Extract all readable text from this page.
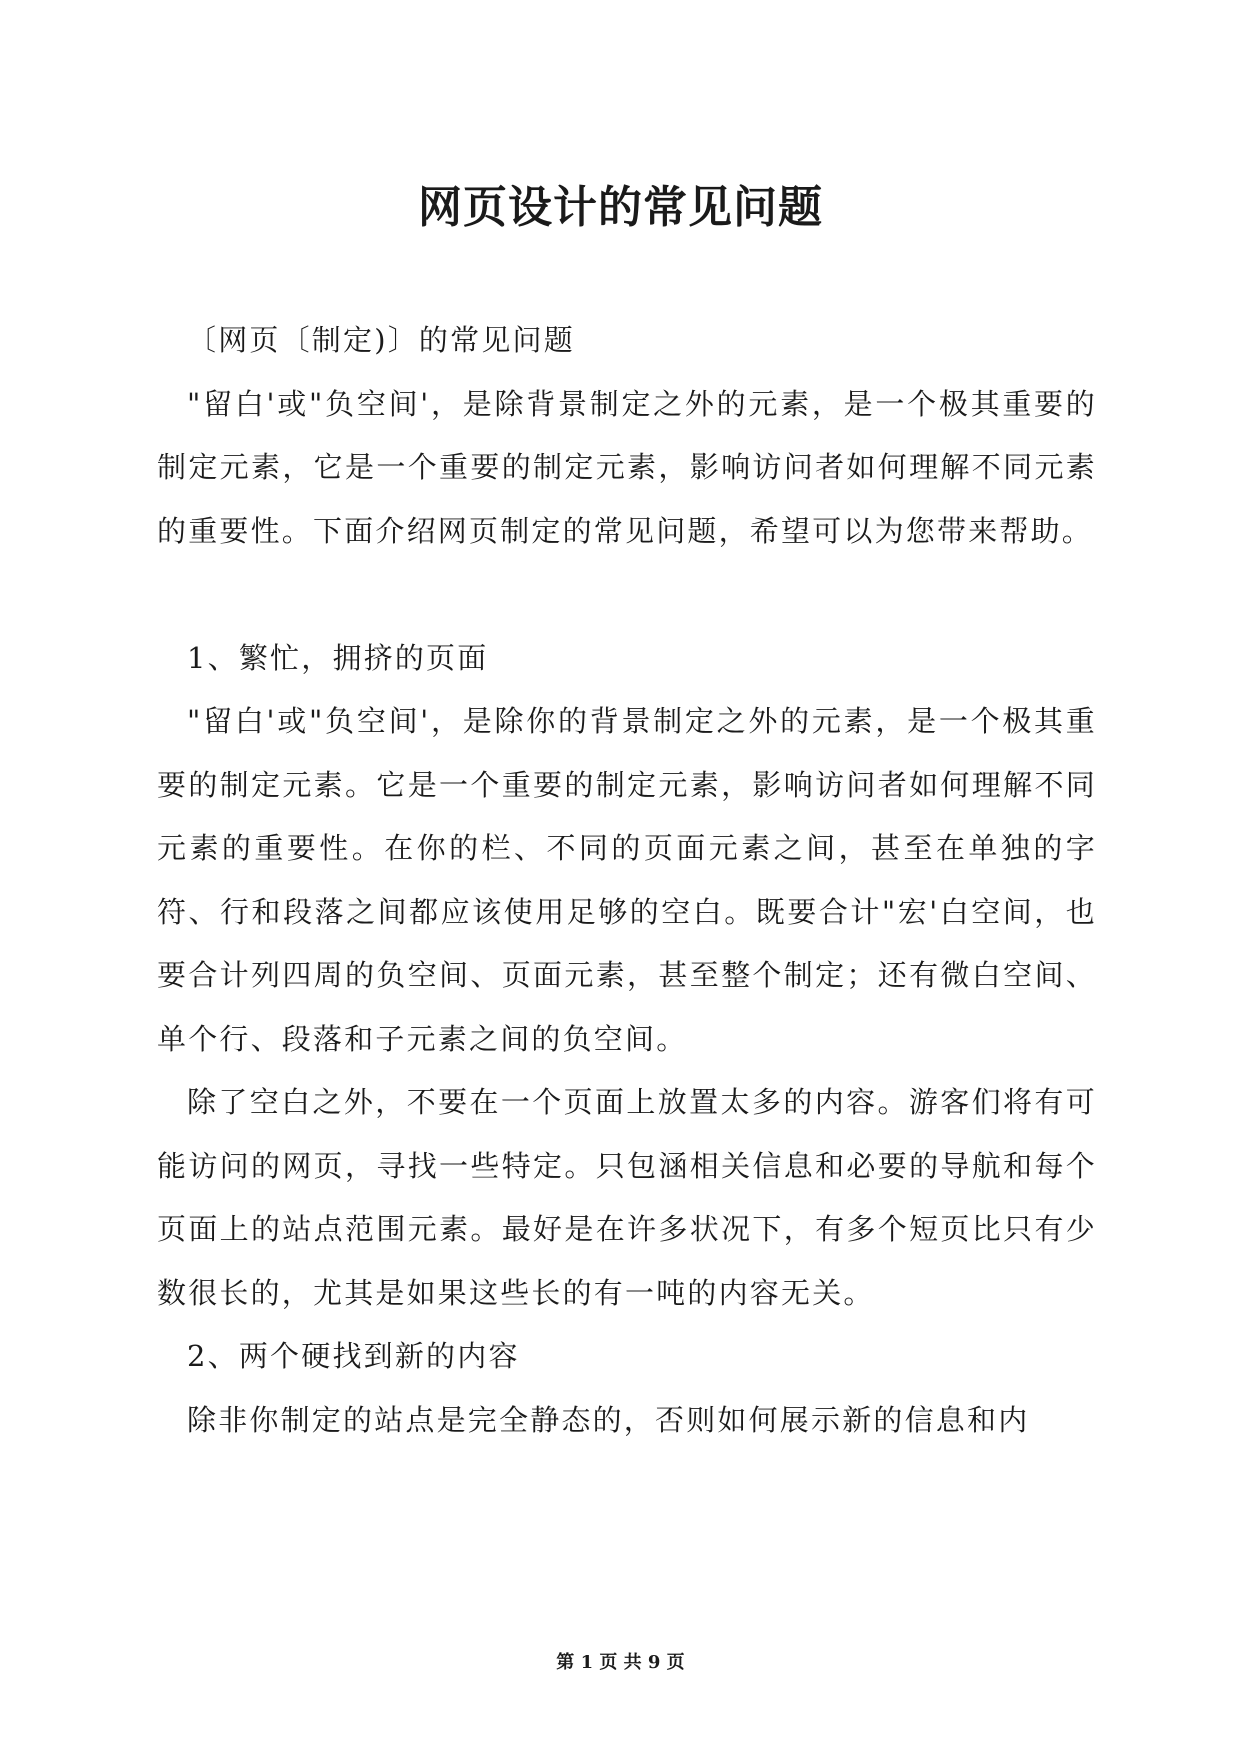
网页设计的常见问题

〔网页〔制定)〕的常见问题

"留白'或"负空间'，是除背景制定之外的元素，是一个极其重要的制定元素，它是一个重要的制定元素，影响访问者如何理解不同元素的重要性。下面介绍网页制定的常见问题，希望可以为您带来帮助。

1、繁忙，拥挤的页面

"留白'或"负空间'，是除你的背景制定之外的元素，是一个极其重要的制定元素。它是一个重要的制定元素，影响访问者如何理解不同元素的重要性。在你的栏、不同的页面元素之间，甚至在单独的字符、行和段落之间都应该使用足够的空白。既要合计"宏'白空间，也要合计列四周的负空间、页面元素，甚至整个制定；还有微白空间、单个行、段落和子元素之间的负空间。

除了空白之外，不要在一个页面上放置太多的内容。游客们将有可能访问的网页，寻找一些特定。只包涵相关信息和必要的导航和每个页面上的站点范围元素。最好是在许多状况下，有多个短页比只有少数很长的，尤其是如果这些长的有一吨的内容无关。

2、两个硬找到新的内容

除非你制定的站点是完全静态的，否则如何展示新的信息和内

第 1 页 共 9 页
